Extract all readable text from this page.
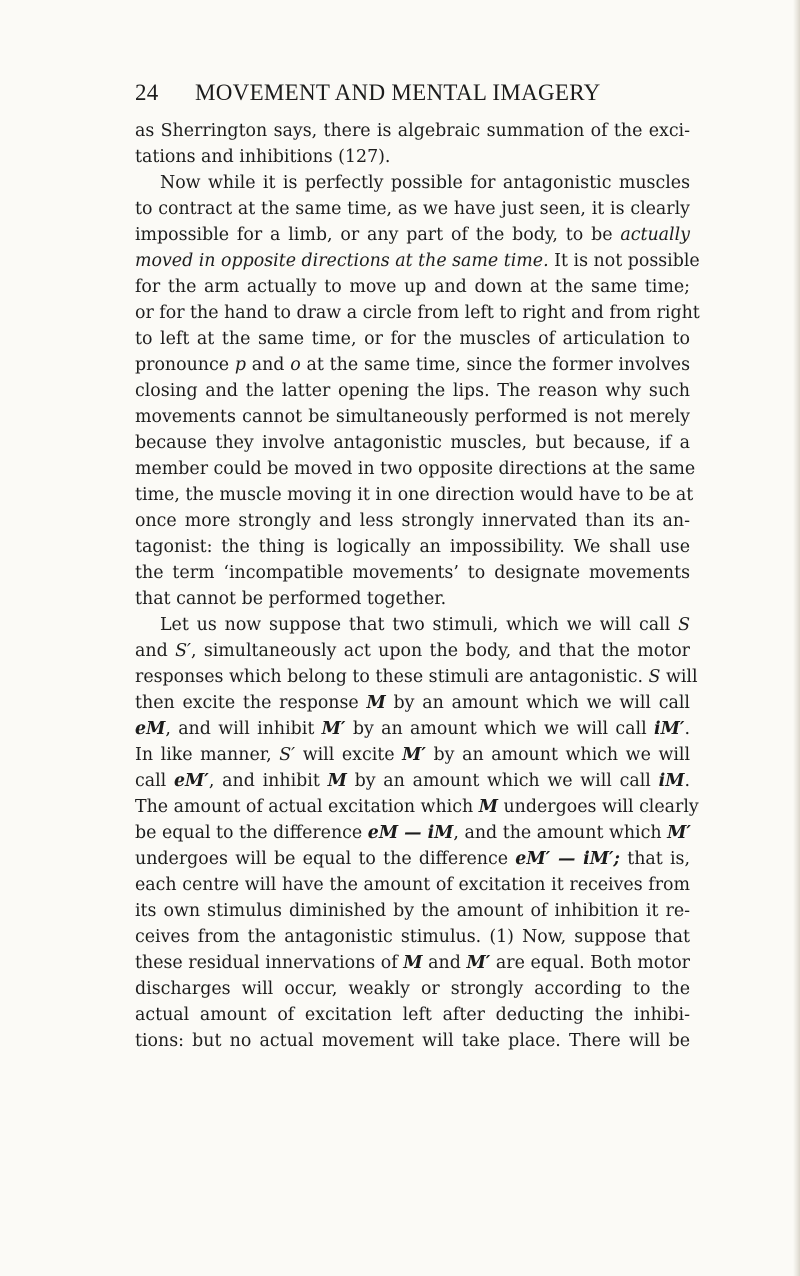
24 MOVEMENT AND MENTAL IMAGERY
as Sherrington says, there is algebraic summation of the exci-
tations and inhibitions (127).
Now while it is perfectly possible for antagonistic muscles
to contract at the same time, as we have just seen, it is clearly
impossible for a limb, or any part of the body, to be actually
moved in opposite directions at the same time. It is not possible
for the arm actually to move up and down at the same time;
or for the hand to draw a circle from left to right and from right
to left at the same time, or for the muscles of articulation to
pronounce p and o at the same time, since the former involves
closing and the latter opening the lips. The reason why such
movements cannot be simultaneously performed is not merely
because they involve antagonistic muscles, but because, if a
member could be moved in two opposite directions at the same
time, the muscle moving it in one direction would have to be at
once more strongly and less strongly innervated than its an-
tagonist: the thing is logically an impossibility. We shall use
the term ‘incompatible movements’ to designate movements
that cannot be performed together.
Let us now suppose that two stimuli, which we will call S
and S′, simultaneously act upon the body, and that the motor
responses which belong to these stimuli are antagonistic. S will
then excite the response M by an amount which we will call
eM, and will inhibit M′ by an amount which we will call iM′.
In like manner, S′ will excite M′ by an amount which we will
call eM′, and inhibit M by an amount which we will call iM.
The amount of actual excitation which M undergoes will clearly
be equal to the difference eM — iM, and the amount which M′
undergoes will be equal to the difference eM′ — iM′; that is,
each centre will have the amount of excitation it receives from
its own stimulus diminished by the amount of inhibition it re-
ceives from the antagonistic stimulus. (1) Now, suppose that
these residual innervations of M and M′ are equal. Both motor
discharges will occur, weakly or strongly according to the
actual amount of excitation left after deducting the inhibi-
tions: but no actual movement will take place. There will be
